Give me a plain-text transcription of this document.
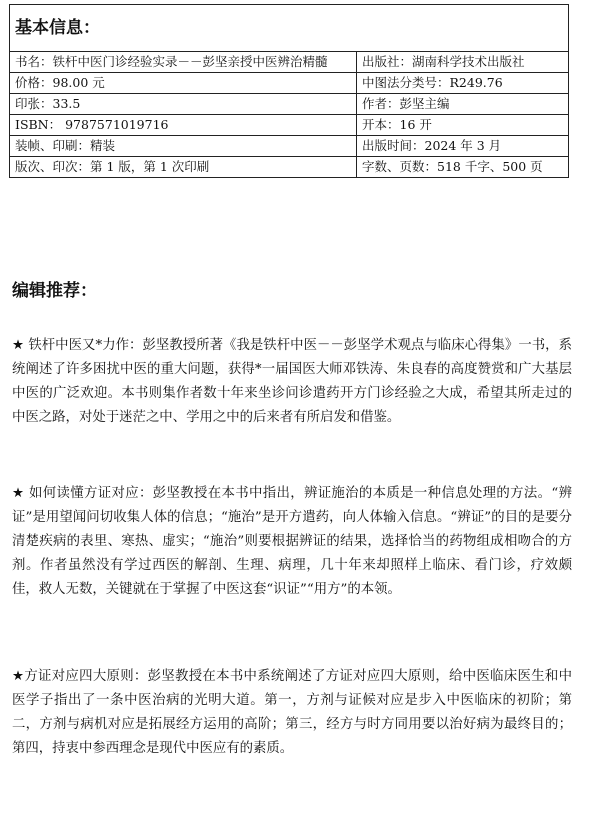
基本信息：	
书名：铁杆中医门诊经验实录－－彭坚亲授中医辨治精髓	出版社：湖南科学技术出版社
价格：98.00 元	中图法分类号：R249.76
印张：33.5	作者：彭坚主编
ISBN： 9787571019716	开本：16 开
装帧、印刷：精装	出版时间：2024 年 3 月
版次、印次：第 1 版，第 1 次印刷	字数、页数：518 千字、500 页
编辑推荐：

★ 铁杆中医又*力作：彭坚教授所著《我是铁杆中医－－彭坚学术观点与临床心得集》一书，系统阐述了许多困扰中医的重大问题，获得*一届国医大师邓铁涛、朱良春的高度赞赏和广大基层中医的广泛欢迎。本书则集作者数十年来坐诊问诊遣药开方门诊经验之大成，希望其所走过的中医之路，对处于迷茫之中、学用之中的后来者有所启发和借鉴。

★ 如何读懂方证对应：彭坚教授在本书中指出，辨证施治的本质是一种信息处理的方法。“辨证”是用望闻问切收集人体的信息；“施治”是开方遣药，向人体输入信息。“辨证”的目的是要分清楚疾病的表里、寒热、虚实；“施治”则要根据辨证的结果，选择恰当的药物组成相吻合的方剂。作者虽然没有学过西医的解剖、生理、病理，几十年来却照样上临床、看门诊，疗效颇佳，救人无数，关键就在于掌握了中医这套“识证”“用方”的本领。

★方证对应四大原则：彭坚教授在本书中系统阐述了方证对应四大原则，给中医临床医生和中医学子指出了一条中医治病的光明大道。第一，方剂与证候对应是步入中医临床的初阶；第二，方剂与病机对应是拓展经方运用的高阶；第三，经方与时方同用要以治好病为最终目的；第四，持衷中参西理念是现代中医应有的素质。
